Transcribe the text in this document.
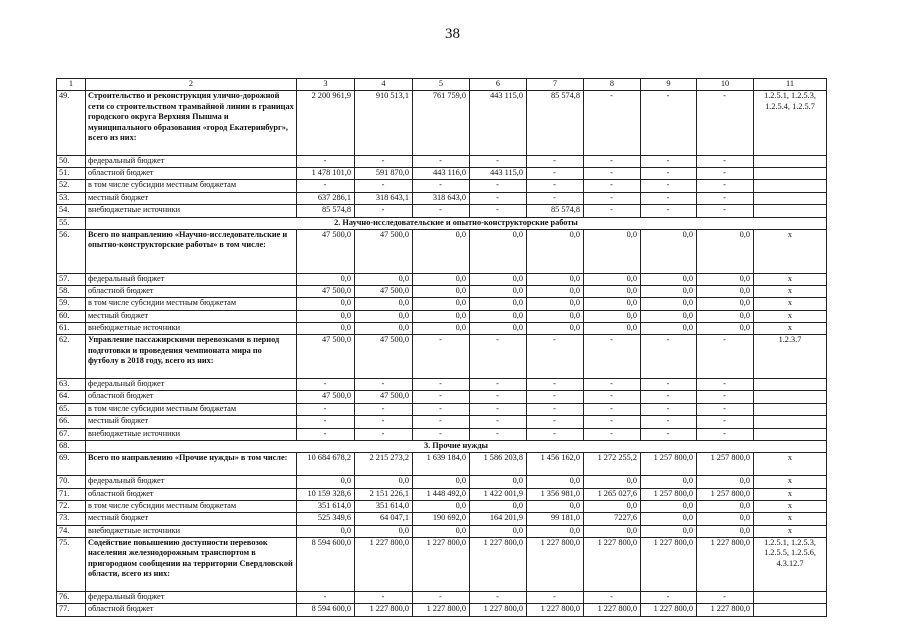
38
1	2	3	4	5	6	7	8	9	10	11
49.	Строительство и реконструкция улично-дорожной сети со строительством трамвайной линии в границах городского округа Верхняя Пышма и муниципального образования «город Екатеринбург», всего из них:	2 200 961,9	910 513,1	761 759,0	443 115,0	85 574,8	-	-	-	1.2.5.1, 1.2.5.3, 1.2.5.4, 1.2.5.7
50.	федеральный бюджет	-	-	-	-	-	-	-	-	
51.	областной бюджет	1 478 101,0	591 870,0	443 116,0	443 115,0	-	-	-	-	
52.	в том числе субсидии местным бюджетам	-	-	-	-	-	-	-	-	
53.	местный бюджет	637 286,1	318 643,1	318 643,0	-	-	-	-	-	
54.	внебюджетные источники	85 574,8	-	-	-	85 574,8	-	-	-	
55.	2. Научно-исследовательские и опытно-конструкторские работы									
56.	Всего по направлению «Научно-исследовательские и опытно-конструкторские работы» в том числе:	47 500,0	47 500,0	0,0	0,0	0,0	0,0	0,0	0,0	х
57.	федеральный бюджет	0,0	0,0	0,0	0,0	0,0	0,0	0,0	0,0	х
58.	областной бюджет	47 500,0	47 500,0	0,0	0,0	0,0	0,0	0,0	0,0	х
59.	в том числе субсидии местным бюджетам	0,0	0,0	0,0	0,0	0,0	0,0	0,0	0,0	х
60.	местный бюджет	0,0	0,0	0,0	0,0	0,0	0,0	0,0	0,0	х
61.	внебюджетные источники	0,0	0,0	0,0	0,0	0,0	0,0	0,0	0,0	х
62.	Управление пассажирскими перевозками в период подготовки и проведения чемпионата мира по футболу в 2018 году, всего из них:	47 500,0	47 500,0	-	-	-	-	-	-	1.2.3.7
63.	федеральный бюджет	-	-	-	-	-	-	-	-	
64.	областной бюджет	47 500,0	47 500,0	-	-	-	-	-	-	
65.	в том числе субсидии местным бюджетам	-	-	-	-	-	-	-	-	
66.	местный бюджет	-	-	-	-	-	-	-	-	
67.	внебюджетные источники	-	-	-	-	-	-	-	-	
68.	3. Прочие нужды									
69.	Всего по направлению «Прочие нужды» в том числе:	10 684 678,2	2 215 273,2	1 639 184,0	1 586 203,8	1 456 162,0	1 272 255,2	1 257 800,0	1 257 800,0	х
70.	федеральный бюджет	0,0	0,0	0,0	0,0	0,0	0,0	0,0	0,0	х
71.	областной бюджет	10 159 328,6	2 151 226,1	1 448 492,0	1 422 001,9	1 356 981,0	1 265 027,6	1 257 800,0	1 257 800,0	х
72.	в том числе субсидии местным бюджетам	351 614,0	351 614,0	0,0	0,0	0,0	0,0	0,0	0,0	х
73.	местный бюджет	525 349,6	64 047,1	190 692,0	164 201,9	99 181,0	7227,6	0,0	0,0	х
74.	внебюджетные источники	0,0	0,0	0,0	0,0	0,0	0,0	0,0	0,0	х
75.	Содействие повышению доступности перевозок населения железнодорожным транспортом в пригородном сообщении на территории Свердловской области, всего из них:	8 594 600,0	1 227 800,0	1 227 800,0	1 227 800,0	1 227 800,0	1 227 800,0	1 227 800,0	1 227 800,0	1.2.5.1, 1.2.5.3, 1.2.5.5, 1.2.5.6, 4.3.12.7
76.	федеральный бюджет	-	-	-	-	-	-	-	-	
77.	областной бюджет	8 594 600,0	1 227 800,0	1 227 800,0	1 227 800,0	1 227 800,0	1 227 800,0	1 227 800,0	1 227 800,0	
